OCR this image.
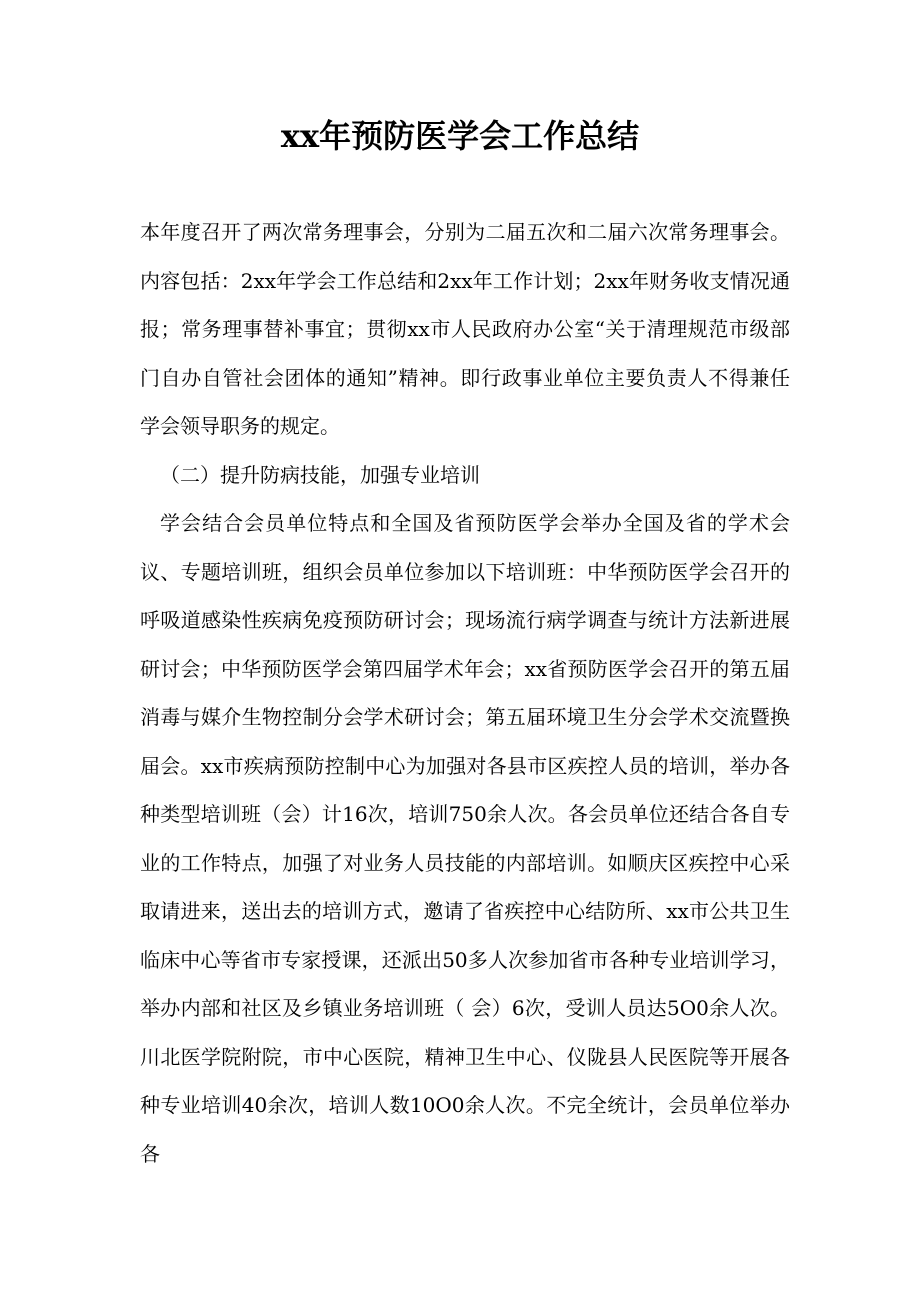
xx年预防医学会工作总结

本年度召开了两次常务理事会，分别为二届五次和二届六次常务理事会。内容包括：2xx年学会工作总结和2xx年工作计划；2xx年财务收支情况通报；常务理事替补事宜；贯彻xx市人民政府办公室“关于清理规范市级部门自办自管社会团体的通知”精神。即行政事业单位主要负责人不得兼任学会领导职务的规定。

（二）提升防病技能，加强专业培训

学会结合会员单位特点和全国及省预防医学会举办全国及省的学术会议、专题培训班，组织会员单位参加以下培训班：中华预防医学会召开的呼吸道感染性疾病免疫预防研讨会；现场流行病学调查与统计方法新进展研讨会；中华预防医学会第四届学术年会；xx省预防医学会召开的第五届消毒与媒介生物控制分会学术研讨会；第五届环境卫生分会学术交流暨换届会。xx市疾病预防控制中心为加强对各县市区疾控人员的培训，举办各种类型培训班（会）计16次，培训750余人次。各会员单位还结合各自专业的工作特点，加强了对业务人员技能的内部培训。如顺庆区疾控中心采取请进来，送出去的培训方式，邀请了省疾控中心结防所、xx市公共卫生临床中心等省市专家授课，还派出50多人次参加省市各种专业培训学习，举办内部和社区及乡镇业务培训班（ 会）6次，受训人员达5O0余人次。川北医学院附院，市中心医院，精神卫生中心、仪陇县人民医院等开展各种专业培训40余次，培训人数10O0余人次。不完全统计，会员单位举办各
